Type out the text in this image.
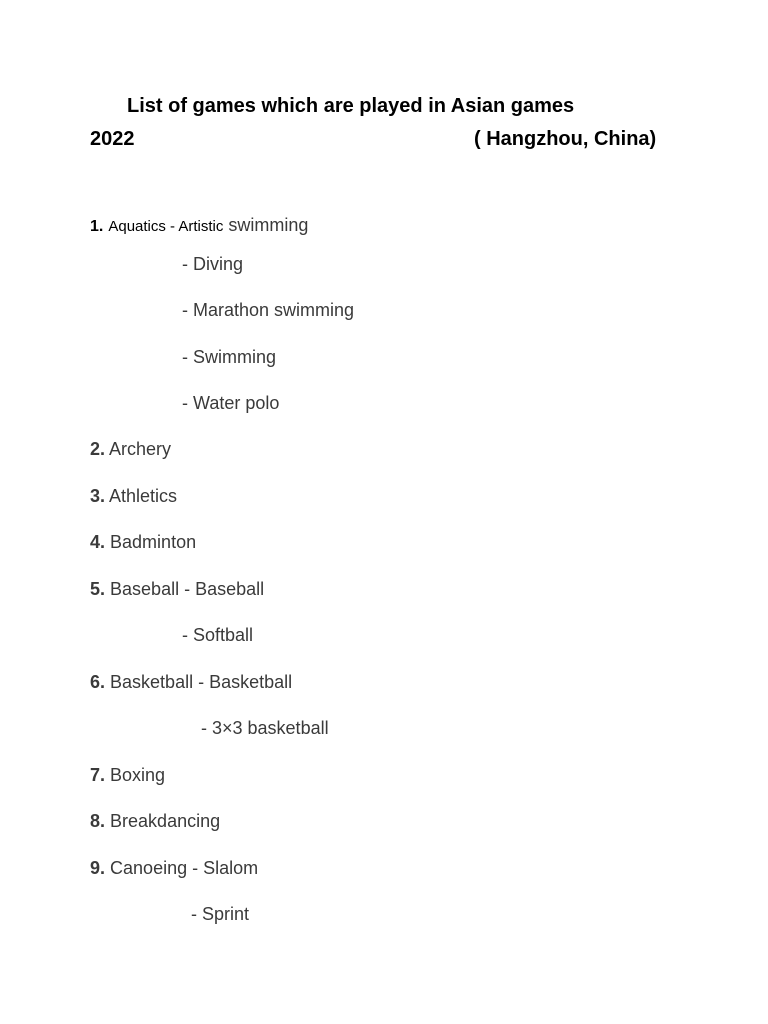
List of games which are played in Asian games
2022	( Hangzhou, China)
1. Aquatics - Artistic swimming
- Diving
- Marathon swimming
- Swimming
- Water polo
2. Archery
3. Athletics
4. Badminton
5. Baseball - Baseball
- Softball
6. Basketball - Basketball
- 3×3 basketball
7. Boxing
8. Breakdancing
9. Canoeing - Slalom
- Sprint
